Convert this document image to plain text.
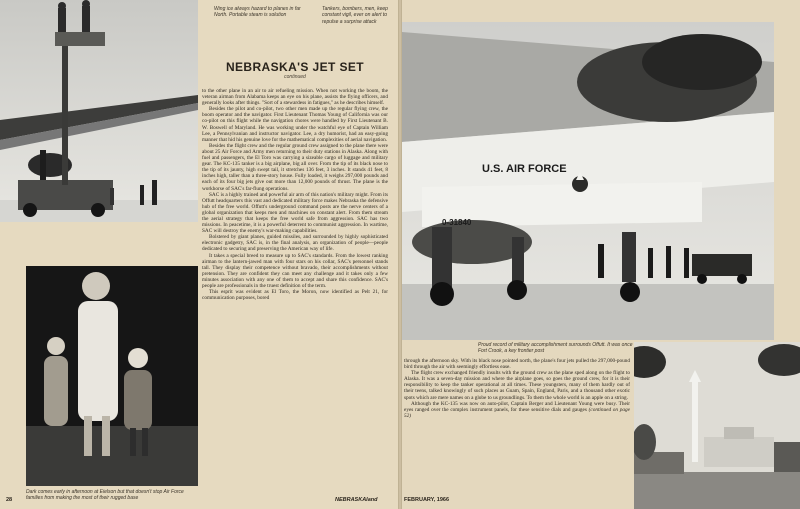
Wing ice always hazard to planes in far North. Portable steam is solution
Tankers, bombers, men, keep constant vigil, ever on alert to repulse a surprise attack
NEBRASKA'S JET SET
continued

to the other plane in an air to air refueling mission. When not working the boom, the veteran airman from Alabama keeps an eye on his plane, assists the flying officers, and generally looks after things. "Sort of a stewardess in fatigues," as he describes himself.

Besides the pilot and co-pilot, two other men made up the regular flying crew, the boom operator and the navigator. First Lieutenant Thomas Young of California was our co-pilot on this flight while the navigation chores were handled by First Lieutenant B. W. Boswell of Maryland. He was working under the watchful eye of Captain William Lee, a Pennsylvanian and instructor navigator. Lee, a dry humorist, had an easy-going manner that hid his genuine love for the mathematical complexities of aerial navigation.

Besides the flight crew and the regular ground crew assigned to the plane there were about 25 Air Force and Army men returning to their duty stations in Alaska. Along with fuel and passengers, the El Toro was carrying a sizeable cargo of luggage and military gear. The KC-135 tanker is a big airplane, big all over. From the tip of its black nose to the tip of its jaunty, high swept tail, it stretches 136 feet, 3 inches. It stands 41 feet, 8 inches high, taller than a three-story house. Fully loaded, it weighs 297,000 pounds and each of its four big jets give out more than 12,000 pounds of thrust. The plane is the workhorse of SAC's far-flung operations.

SAC is a highly trained and powerful air arm of this nation's military might. From its Offutt headquarters this vast and dedicated military force makes Nebraska the defensive hub of the free world. Offutt's underground command posts are the nerve centers of a global organization that keeps men and machines on constant alert. From them stream the aerial strategy that keeps the free world safe from aggression. SAC has two missions. In peacetime, it is a powerful deterrent to communist aggression. In wartime, SAC will destroy the enemy's war-making capabilities.

Bolstered by giant planes, guided missiles, and surrounded by highly sophisticated electronic gadgetry, SAC is, in the final analysis, an organization of people—people dedicated to securing and preserving the American way of life.

It takes a special breed to measure up to SAC's standards. From the lowest ranking airman to the lantern-jawed man with four stars on his collar, SAC's personnel stands tall. They display their competence without bravado, their accomplishments without pretension. They are confident they can meet any challenge and it takes only a few minutes association with any one of them to accept and share this confidence. SAC's people are professionals in the truest definition of the term.

This esprit was evident as El Toro, the Moron, now identified as Pelt 21, for communication purposes, bored

Dark comes early in afternoon at Eielson but that doesn't stop Air Force families from making the most of their rugged base
28	NEBRASKAland
U.S. AIR FORCE
0-31840
Proud record of military accomplishment surrounds Offutt. It was once Fort Crook, a key frontier post

through the afternoon sky. With its black nose pointed north, the plane's four jets pulled the 297,000-pound bird through the air with seemingly effortless ease.

The flight crew exchanged friendly insults with the ground crew as the plane sped along on the flight to Alaska. It was a seven-day mission and where the airplane goes, so goes the ground crew, for it is their responsibility to keep the tanker operational at all times. These youngsters, many of them hardly out of their teens, talked knowingly of such places as Guam, Spain, England, Paris, and a thousand other exotic spots which are mere names on a globe to us groundlings. To them the whole world is an apple on a string.

Although the KC-135 was now on auto-pilot, Captain Berger and Lieutenant Young were busy. Their eyes ranged over the complex instrument panels, for these sensitive dials and gauges (continued on page 52)

FEBRUARY, 1966
